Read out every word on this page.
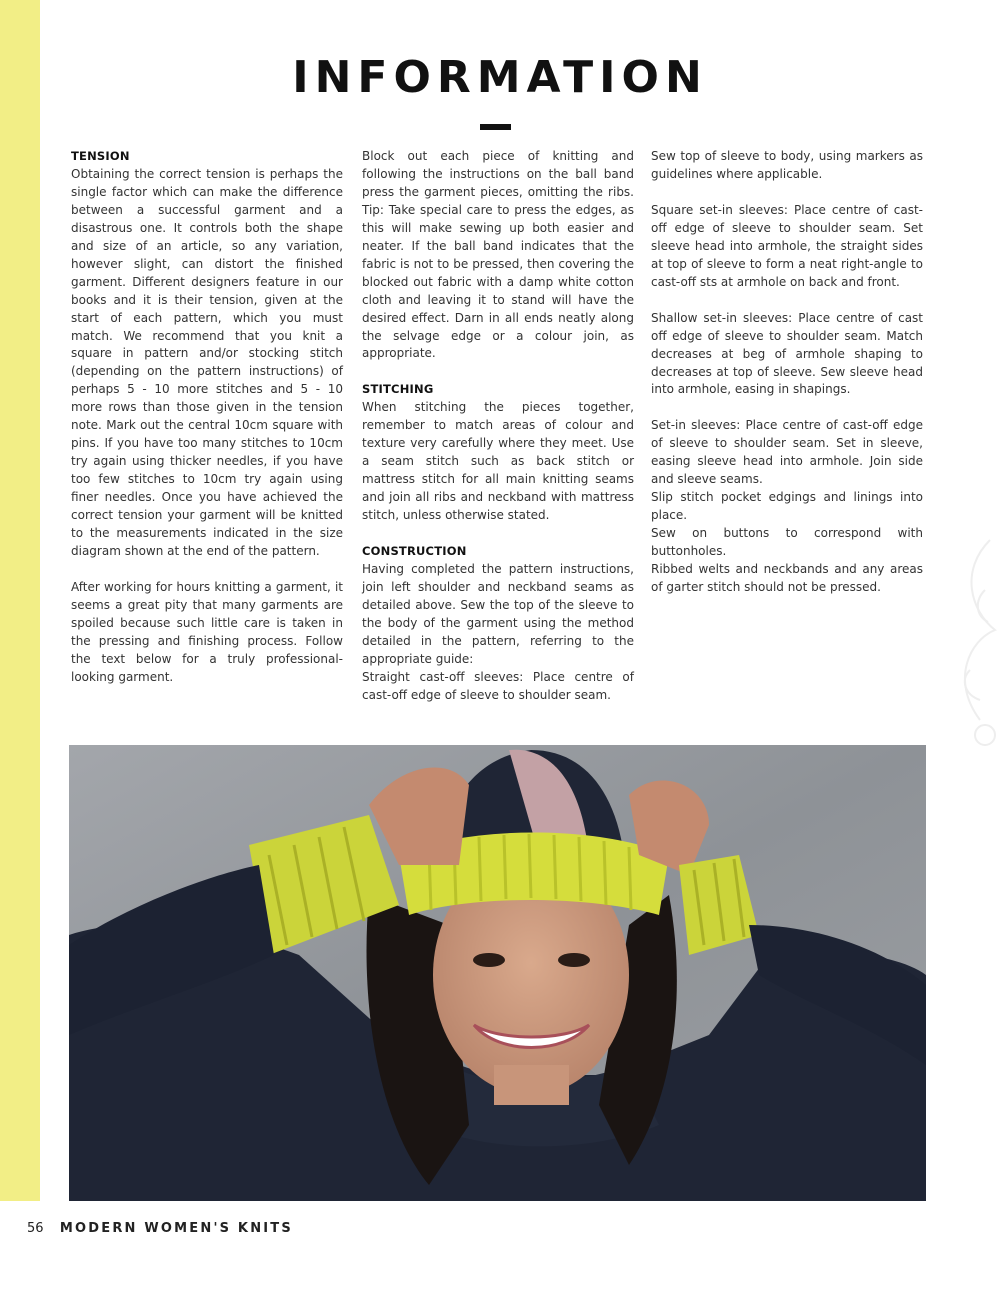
INFORMATION
TENSION

Obtaining the correct tension is perhaps the single factor which can make the difference between a successful garment and a disastrous one. It controls both the shape and size of an article, so any variation, however slight, can distort the finished garment. Different designers feature in our books and it is their tension, given at the start of each pattern, which you must match. We recommend that you knit a square in pattern and/or stocking stitch (depending on the pattern instructions) of perhaps 5 - 10 more stitches and 5 - 10 more rows than those given in the tension note. Mark out the central 10cm square with pins. If you have too many stitches to 10cm try again using thicker needles, if you have too few stitches to 10cm try again using finer needles. Once you have achieved the correct tension your garment will be knitted to the measurements indicated in the size diagram shown at the end of the pattern.

After working for hours knitting a garment, it seems a great pity that many garments are spoiled because such little care is taken in the pressing and finishing process. Follow the text below for a truly professional-looking garment.

Block out each piece of knitting and following the instructions on the ball band press the garment pieces, omitting the ribs. Tip: Take special care to press the edges, as this will make sewing up both easier and neater. If the ball band indicates that the fabric is not to be pressed, then covering the blocked out fabric with a damp white cotton cloth and leaving it to stand will have the desired effect. Darn in all ends neatly along the selvage edge or a colour join, as appropriate.

STITCHING

When stitching the pieces together, remember to match areas of colour and texture very carefully where they meet. Use a seam stitch such as back stitch or mattress stitch for all main knitting seams and join all ribs and neckband with mattress stitch, unless otherwise stated.

CONSTRUCTION

Having completed the pattern instructions, join left shoulder and neckband seams as detailed above. Sew the top of the sleeve to the body of the garment using the method detailed in the pattern, referring to the appropriate guide:

Straight cast-off sleeves: Place centre of cast-off edge of sleeve to shoulder seam.

Sew top of sleeve to body, using markers as guidelines where applicable.

Square set-in sleeves: Place centre of cast-off edge of sleeve to shoulder seam. Set sleeve head into armhole, the straight sides at top of sleeve to form a neat right-angle to cast-off sts at armhole on back and front.

Shallow set-in sleeves: Place centre of cast off edge of sleeve to shoulder seam. Match decreases at beg of armhole shaping to decreases at top of sleeve. Sew sleeve head into armhole, easing in shapings.

Set-in sleeves: Place centre of cast-off edge of sleeve to shoulder seam. Set in sleeve, easing sleeve head into armhole. Join side and sleeve seams.

Slip stitch pocket edgings and linings into place.

Sew on buttons to correspond with buttonholes.

Ribbed welts and neckbands and any areas of garter stitch should not be pressed.

56 MODERN WOMEN'S KNITS
